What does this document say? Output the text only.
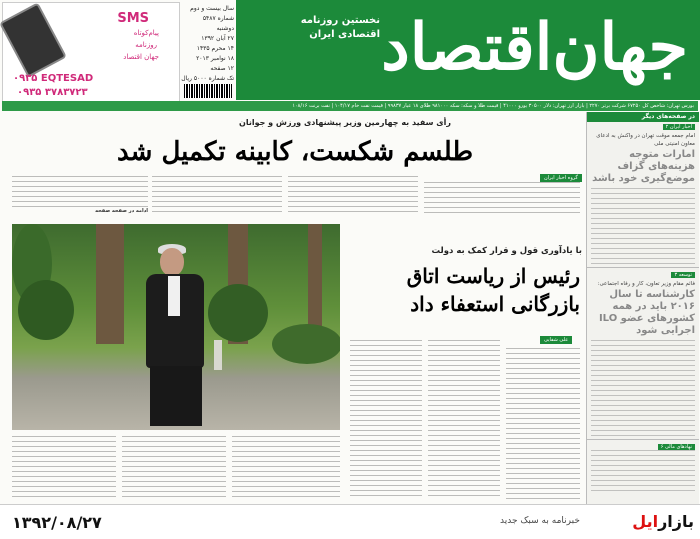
SMS
پیام‌کوتاه
روزنامه
جهان اقتصاد
۰۹۳۵ EQTESAD
۰۹۳۵ ۳۷۸۳۷۲۳
سال بیست و دوم
شماره ۵۴۸۷
دوشنبه
۲۷ آبان ۱۳۹۲
۱۴ محرم ۱۴۳۵
۱۸ نوامبر ۲۰۱۳
۱۲ صفحه
تک شماره ۵۰۰۰ ریال جهان‌اقتصاد
نخستین روزنامه
اقتصادی ایران
بورس تهران: شاخص کل ۶۷۲۵۰ شرکت برتر ۲۲۷۰ | بازار ارز تهران: دلار ۳۰۵۰۰ یورو ۴۱۰۰۰ | قیمت طلا و سکه: سکه ۹۸۱۰۰۰ طلای ۱۸ عیار ۹۹۸۳۷ | قیمت نفت خام ۱۰۴/۱۷ | نفت برنت ۱۰۸/۱۶
در صفحه‌های دیگر
۲ اخبار ایران
امام جمعه موقت تهران در واکنش به ادعای معاون امنیتی ملی
امارات متوجه هزینه‌های گزاف موضع‌گیری خود باشد
۳ توسعه
فائم مقام وزیر تعاون، کار و رفاه اجتماعی:
کارشناسه تا سال ۲۰۱۶ باید در همه کشورهای عضو ILO اجرایی شود
۶ نهادهای مالی
رأی سفید به چهارمین وزیر پیشنهادی ورزش و جوانان
طلسم شکست، کابینه تکمیل شد
گروه اخبار ایران
ادامه در صفحه صفحه
با یادآوری قول و قرار کمک به دولت
رئیس از ریاست اتاق بازرگانی استعفاء داد
علی شفایی
۱۳۹۲/۰۸/۲۷	خبرنامه به سبک جدید	بازارایل
